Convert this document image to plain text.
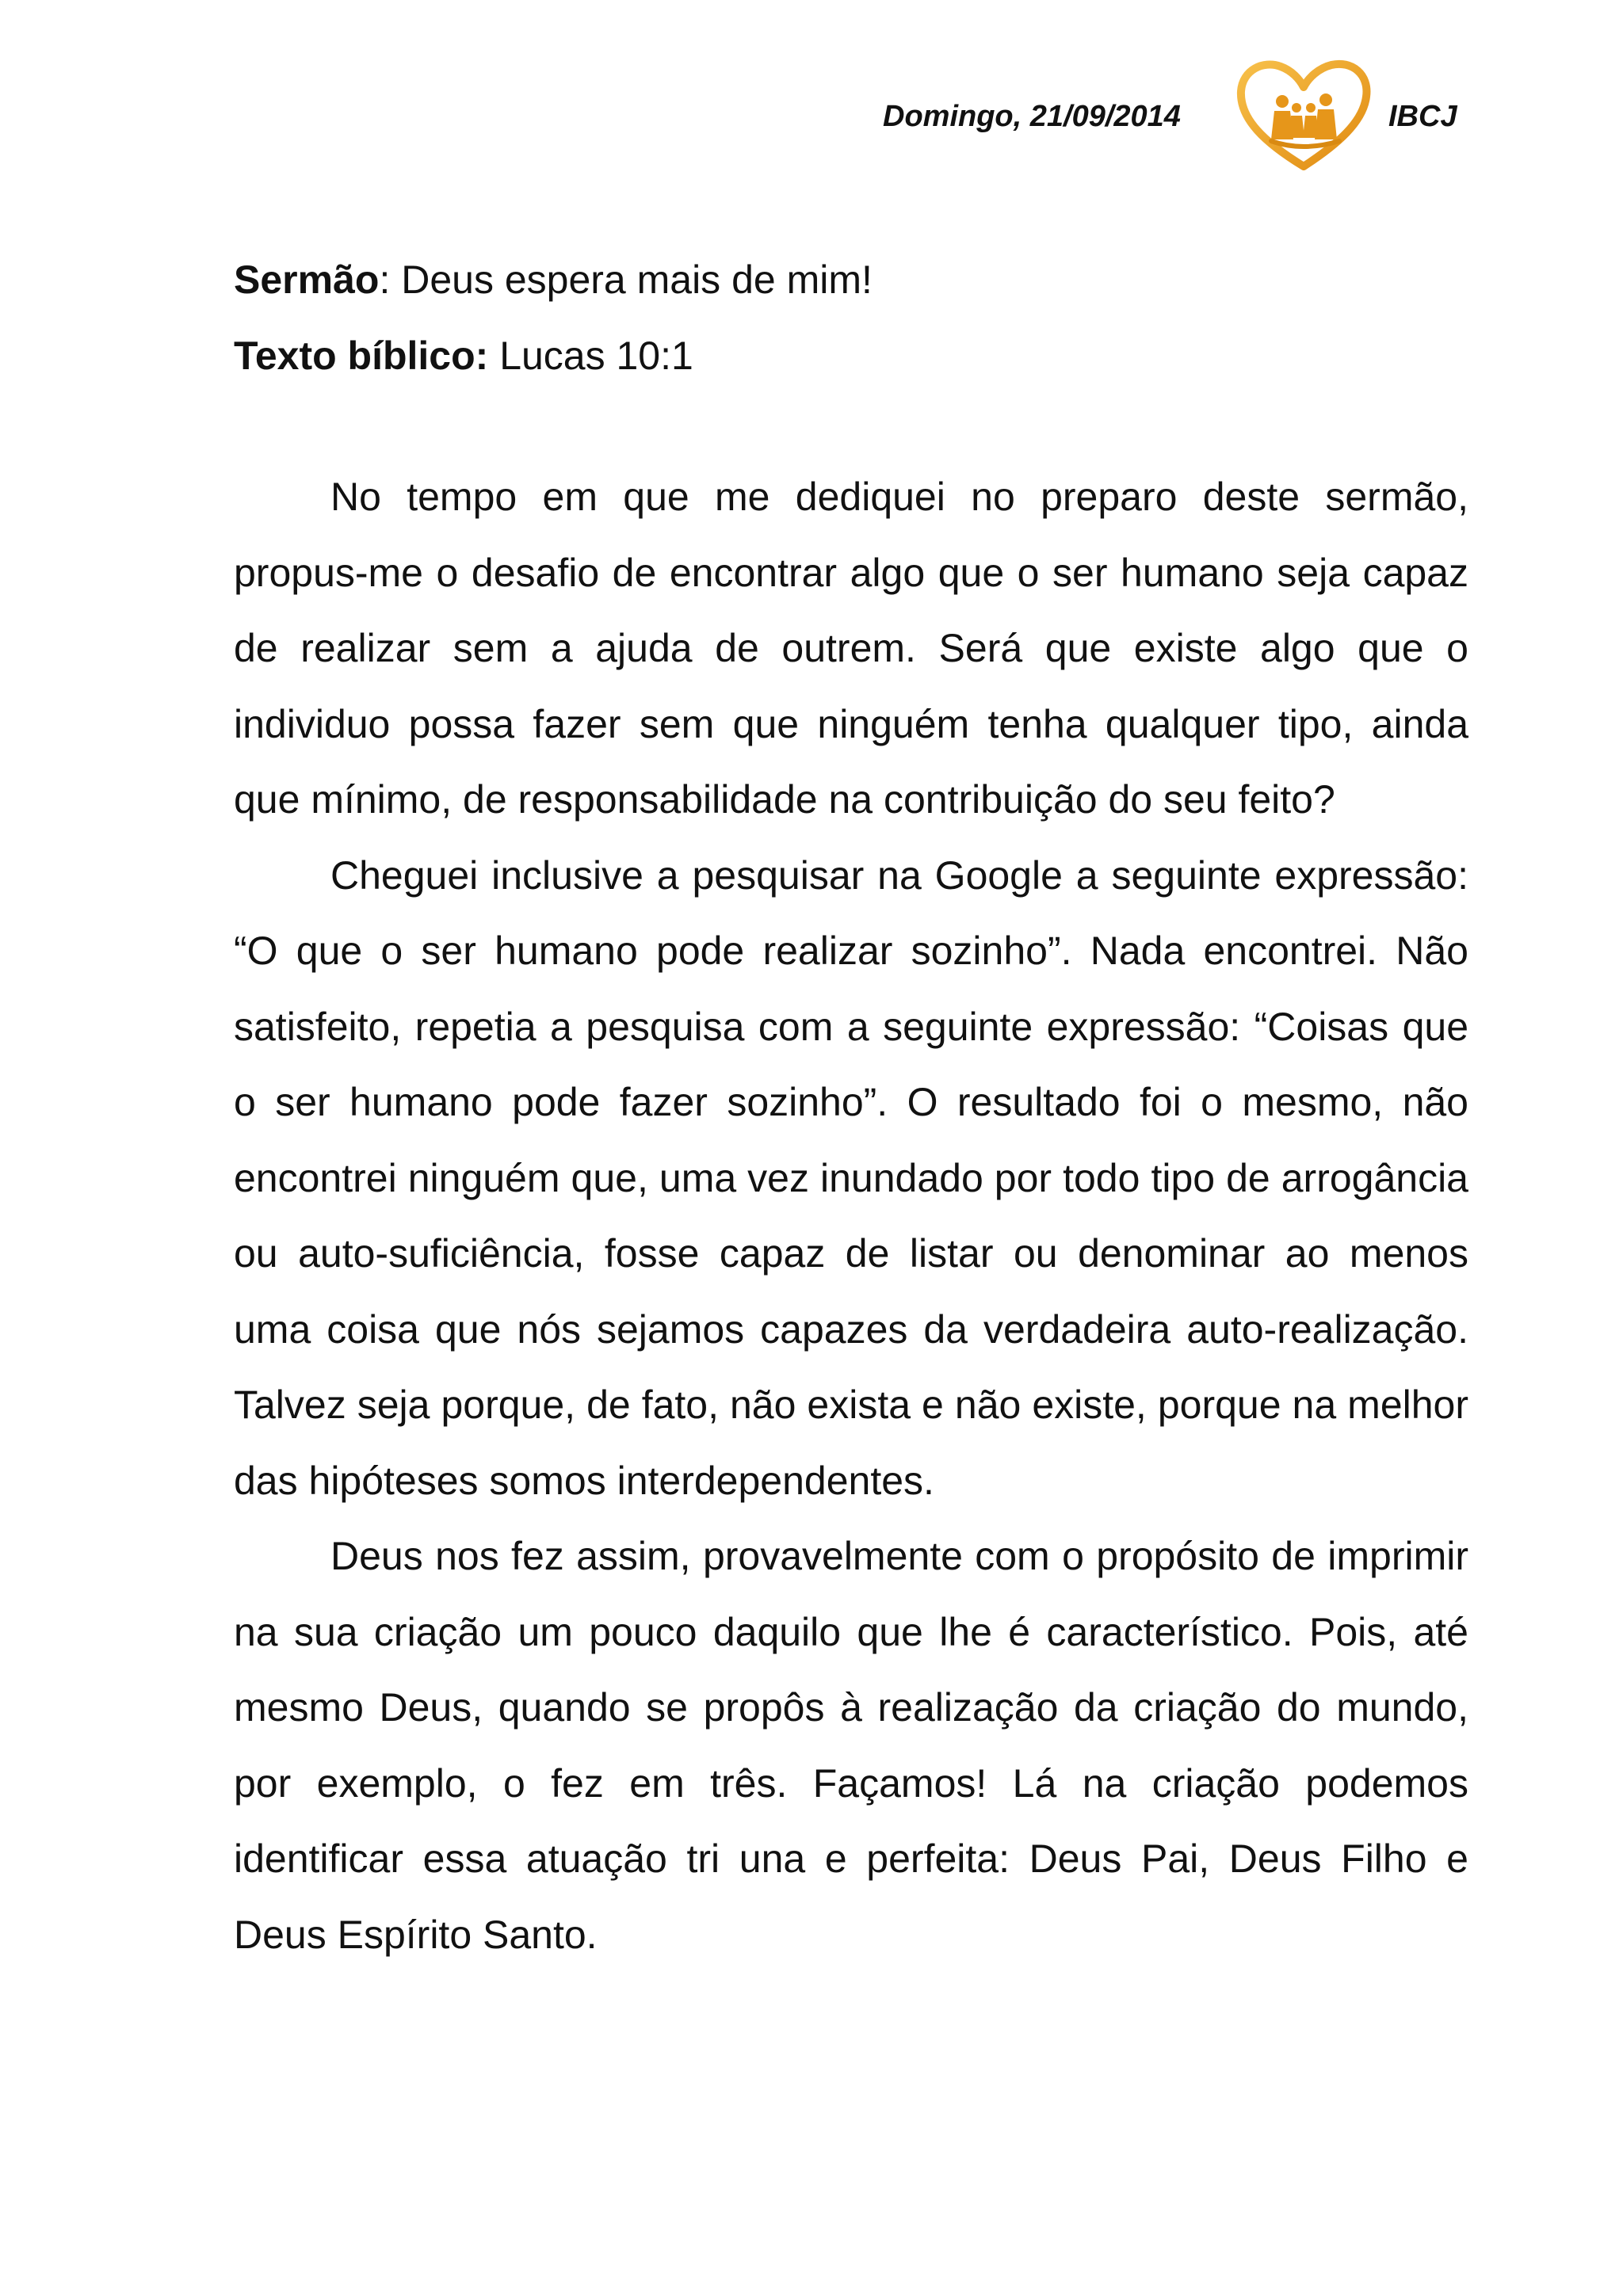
Domingo, 21/09/2014	IBCJ
Sermão: Deus espera mais de mim!
Texto bíblico: Lucas 10:1

No tempo em que me dediquei no preparo deste sermão, propus-me o desafio de encontrar algo que o ser humano seja capaz de realizar sem a ajuda de outrem. Será que existe algo que o individuo possa fazer sem que ninguém tenha qualquer tipo, ainda que mínimo, de responsabilidade na contribuição do seu feito?

Cheguei inclusive a pesquisar na Google a seguinte expressão: “O que o ser humano pode realizar sozinho”. Nada encontrei. Não satisfeito, repetia a pesquisa com a seguinte expressão: “Coisas que o ser humano pode fazer sozinho”. O resultado foi o mesmo, não encontrei ninguém que, uma vez inundado por todo tipo de arrogância ou auto-suficiência, fosse capaz de listar ou denominar ao menos uma coisa que nós sejamos capazes da verdadeira auto-realização. Talvez seja porque, de fato, não exista e não existe, porque na melhor das hipóteses somos interdependentes.

Deus nos fez assim, provavelmente com o propósito de imprimir na sua criação um pouco daquilo que lhe é característico. Pois, até mesmo Deus, quando se propôs à realização da criação do mundo, por exemplo, o fez em três. Façamos! Lá na criação podemos identificar essa atuação tri una e perfeita: Deus Pai, Deus Filho e Deus Espírito Santo.
